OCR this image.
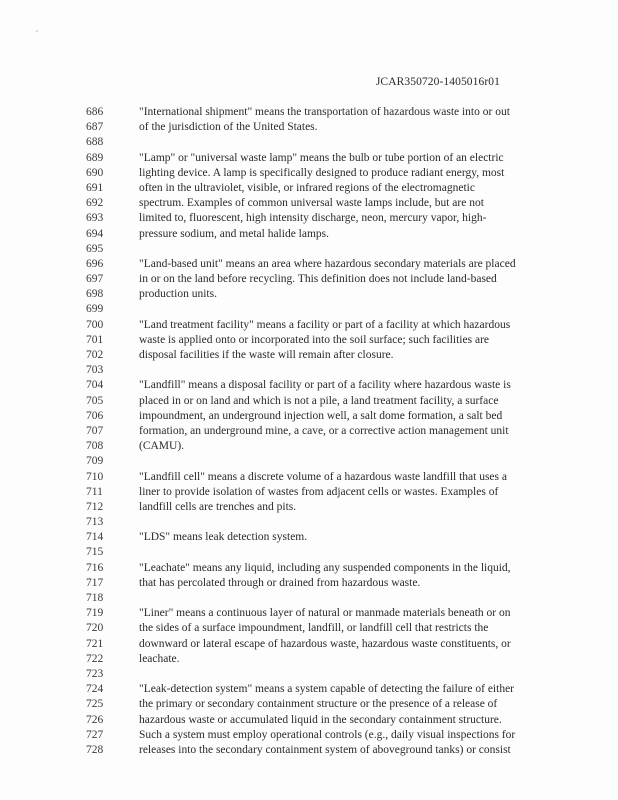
JCAR350720-1405016r01
686	"International shipment" means the transportation of hazardous waste into or out
687	of the jurisdiction of the United States.
688
689	"Lamp" or "universal waste lamp" means the bulb or tube portion of an electric
690	lighting device. A lamp is specifically designed to produce radiant energy, most
691	often in the ultraviolet, visible, or infrared regions of the electromagnetic
692	spectrum. Examples of common universal waste lamps include, but are not
693	limited to, fluorescent, high intensity discharge, neon, mercury vapor, high-
694	pressure sodium, and metal halide lamps.
695
696	"Land-based unit" means an area where hazardous secondary materials are placed
697	in or on the land before recycling. This definition does not include land-based
698	production units.
699
700	"Land treatment facility" means a facility or part of a facility at which hazardous
701	waste is applied onto or incorporated into the soil surface; such facilities are
702	disposal facilities if the waste will remain after closure.
703
704	"Landfill" means a disposal facility or part of a facility where hazardous waste is
705	placed in or on land and which is not a pile, a land treatment facility, a surface
706	impoundment, an underground injection well, a salt dome formation, a salt bed
707	formation, an underground mine, a cave, or a corrective action management unit
708	(CAMU).
709
710	"Landfill cell" means a discrete volume of a hazardous waste landfill that uses a
711	liner to provide isolation of wastes from adjacent cells or wastes. Examples of
712	landfill cells are trenches and pits.
713
714	"LDS" means leak detection system.
715
716	"Leachate" means any liquid, including any suspended components in the liquid,
717	that has percolated through or drained from hazardous waste.
718
719	"Liner" means a continuous layer of natural or manmade materials beneath or on
720	the sides of a surface impoundment, landfill, or landfill cell that restricts the
721	downward or lateral escape of hazardous waste, hazardous waste constituents, or
722	leachate.
723
724	"Leak-detection system" means a system capable of detecting the failure of either
725	the primary or secondary containment structure or the presence of a release of
726	hazardous waste or accumulated liquid in the secondary containment structure.
727	Such a system must employ operational controls (e.g., daily visual inspections for
728	releases into the secondary containment system of aboveground tanks) or consist
